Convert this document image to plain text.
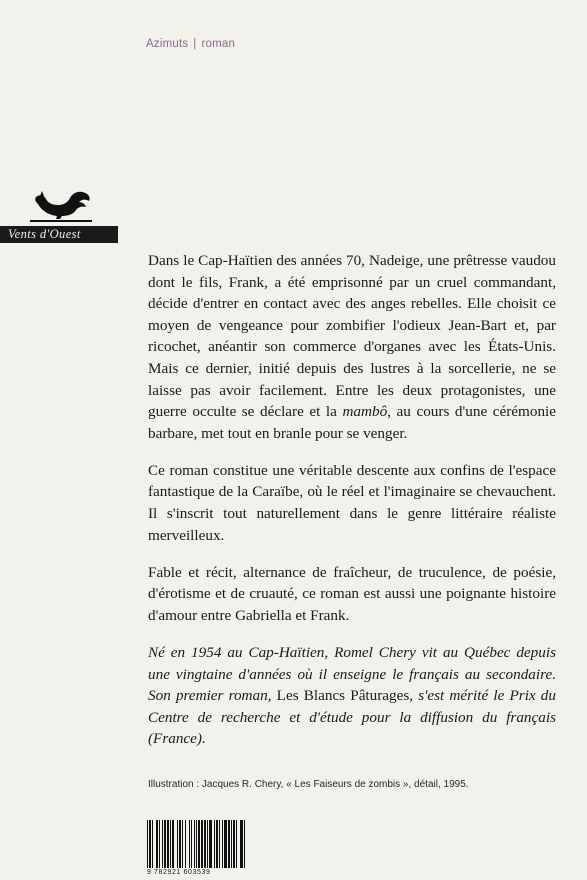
Azimuts | roman
Vents d'Ouest

Dans le Cap-Haïtien des années 70, Nadeige, une prêtresse vaudou dont le fils, Frank, a été emprisonné par un cruel commandant, décide d'entrer en contact avec des anges rebelles. Elle choisit ce moyen de vengeance pour zombifier l'odieux Jean-Bart et, par ricochet, anéantir son commerce d'organes avec les États-Unis. Mais ce dernier, initié depuis des lustres à la sorcellerie, ne se laisse pas avoir facilement. Entre les deux protagonistes, une guerre occulte se déclare et la mambô, au cours d'une cérémonie barbare, met tout en branle pour se venger.

Ce roman constitue une véritable descente aux confins de l'espace fantastique de la Caraïbe, où le réel et l'imaginaire se chevauchent. Il s'inscrit tout naturellement dans le genre littéraire réaliste merveilleux.

Fable et récit, alternance de fraîcheur, de truculence, de poésie, d'érotisme et de cruauté, ce roman est aussi une poignante histoire d'amour entre Gabriella et Frank.

Né en 1954 au Cap-Haïtien, Romel Chery vit au Québec depuis une vingtaine d'années où il enseigne le français au secondaire. Son premier roman, Les Blancs Pâturages, s'est mérité le Prix du Centre de recherche et d'étude pour la diffusion du français (France).

Illustration : Jacques R. Chery, « Les Faiseurs de zombis », détail, 1995.
9 782921 603539
